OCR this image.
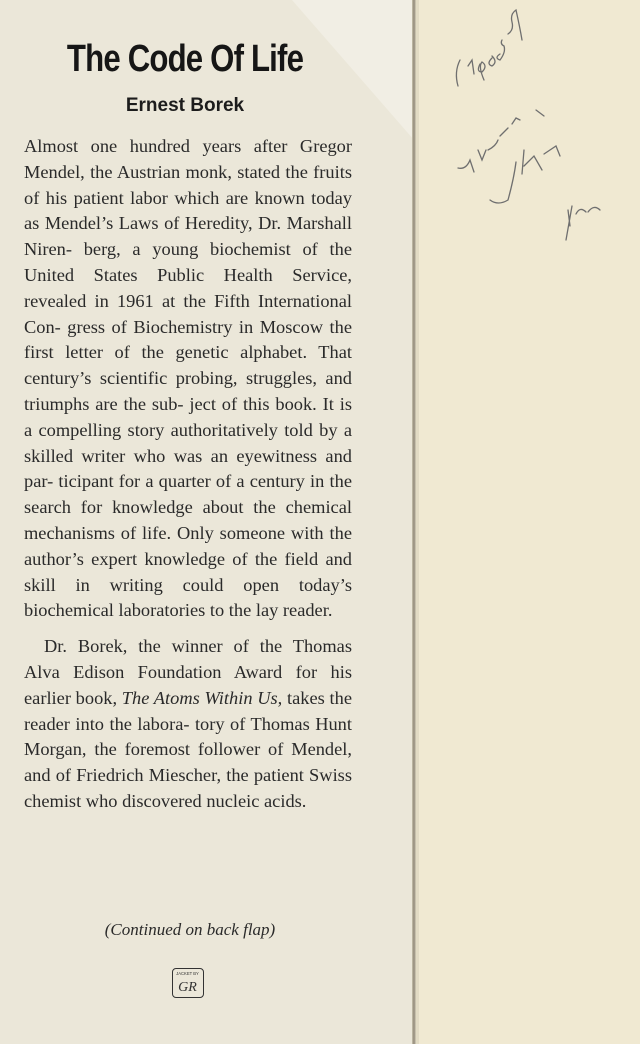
The Code Of Life
Ernest Borek

Almost one hundred years after Gregor Mendel, the Austrian monk, stated the fruits of his patient labor which are known today as Mendel’s Laws of Heredity, Dr. Marshall Niren- berg, a young biochemist of the United States Public Health Service, revealed in 1961 at the Fifth International Con- gress of Biochemistry in Moscow the first letter of the genetic alphabet. That century’s scientific probing, struggles, and triumphs are the sub- ject of this book. It is a compelling story authoritatively told by a skilled writer who was an eyewitness and par- ticipant for a quarter of a century in the search for knowledge about the chemical mechanisms of life. Only someone with the author’s expert knowledge of the field and skill in writing could open today’s biochemical laboratories to the lay reader.

Dr. Borek, the winner of the Thomas Alva Edison Foundation Award for his earlier book, The Atoms Within Us, takes the reader into the labora- tory of Thomas Hunt Morgan, the foremost follower of Mendel, and of Friedrich Miescher, the patient Swiss chemist who discovered nucleic acids.

(Continued on back flap)
JACKET BY
GR
